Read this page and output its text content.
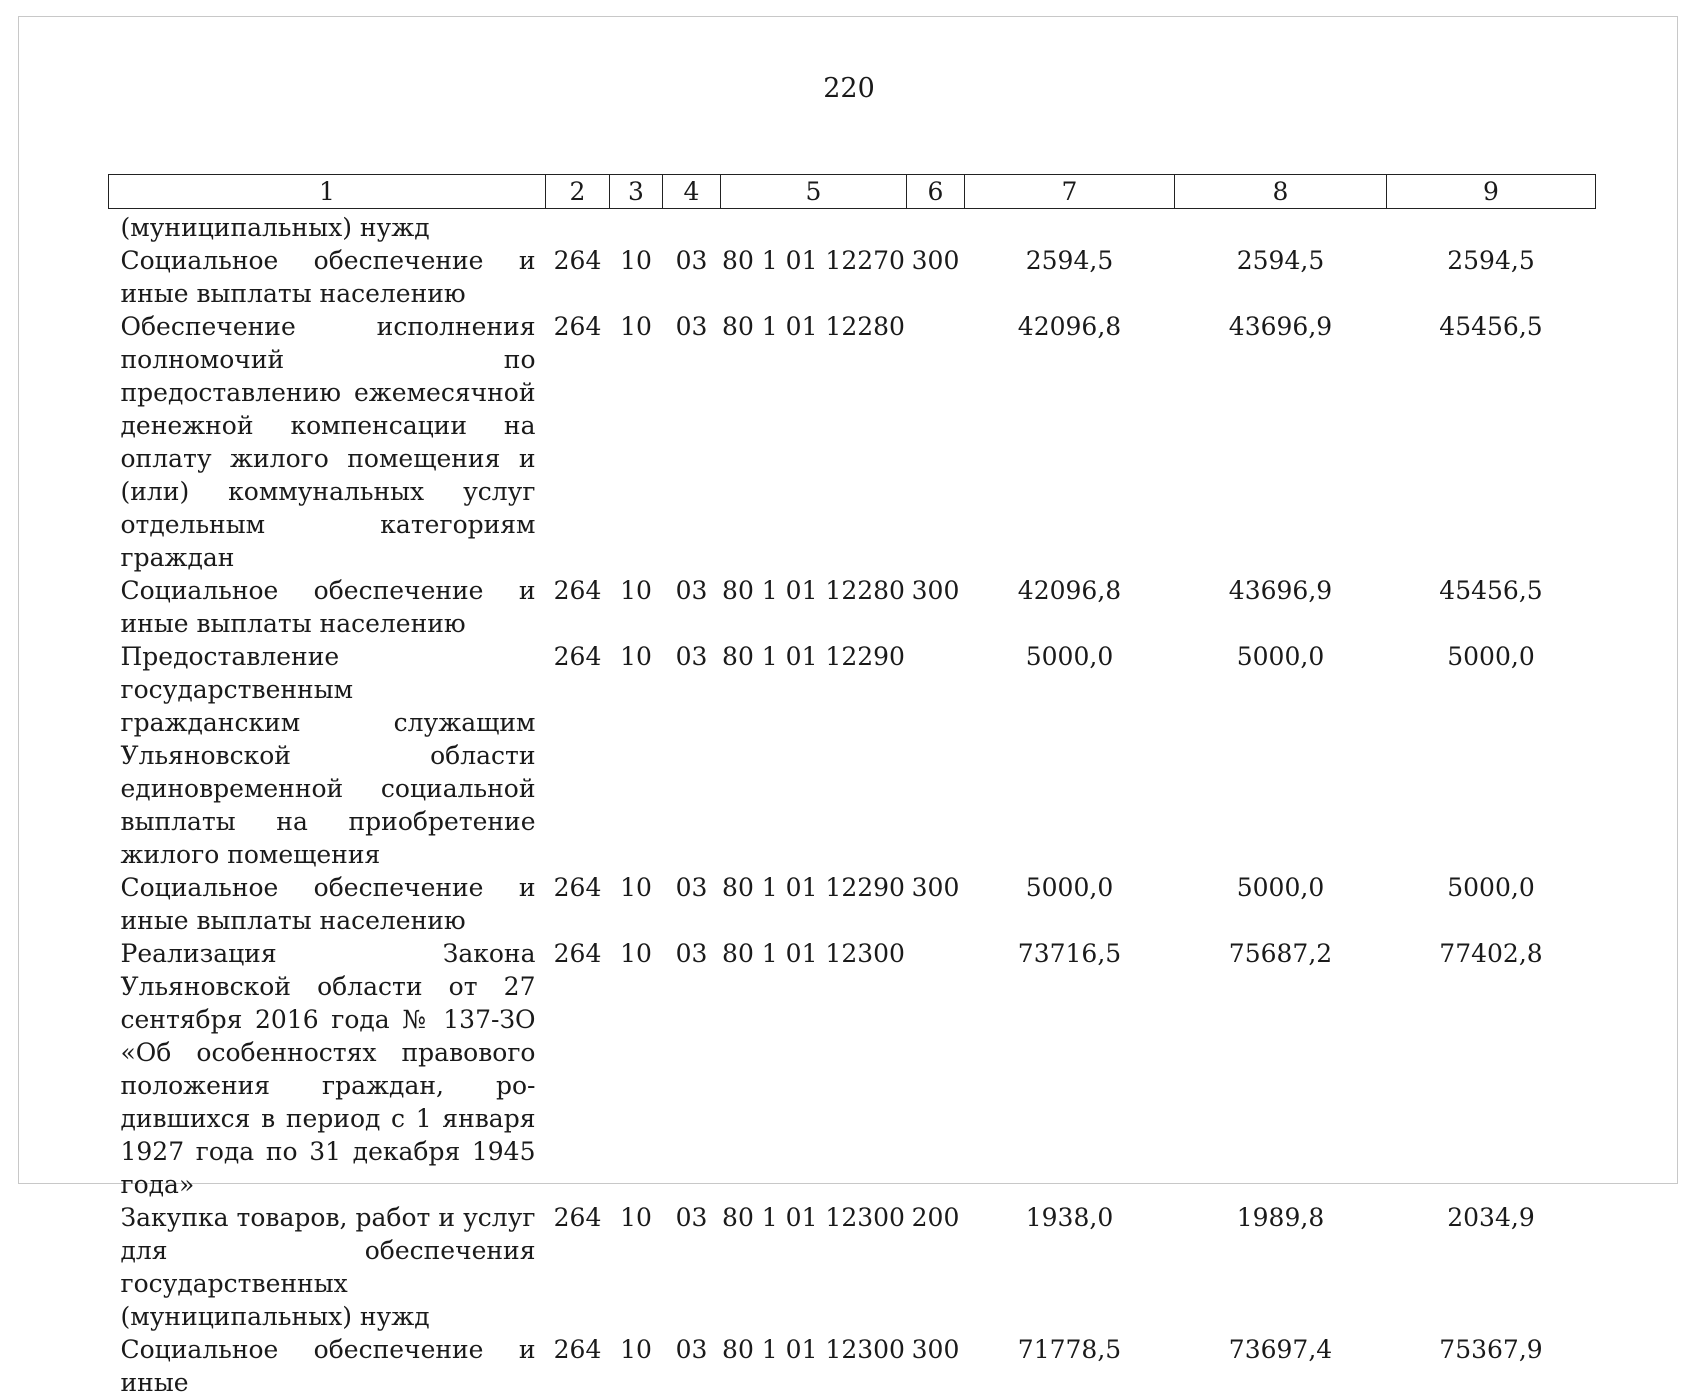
220
1	2	3	4	5	6	7	8	9
(муниципальных) нужд								
Социальное обеспечение и иные выплаты населению	264	10	03	80 1 01 12270	300	2594,5	2594,5	2594,5
Обеспечение исполнения полномочий по предоставлению ежемесячной денежной компенсации на оплату жилого помещения и (или) коммунальных услуг отдельным категориям граждан	264	10	03	80 1 01 12280		42096,8	43696,9	45456,5
Социальное обеспечение и иные выплаты населению	264	10	03	80 1 01 12280	300	42096,8	43696,9	45456,5
Предоставление государственным гражданским служащим Ульяновской области единовременной социальной выплаты на приобретение жилого помещения	264	10	03	80 1 01 12290		5000,0	5000,0	5000,0
Социальное обеспечение и иные выплаты населению	264	10	03	80 1 01 12290	300	5000,0	5000,0	5000,0
Реализация Закона Ульяновской области от 27 сентября 2016 года № 137-ЗО «Об особенностях правового положения граждан, родившихся в период с 1 января 1927 года по 31 декабря 1945 года»	264	10	03	80 1 01 12300		73716,5	75687,2	77402,8
Закупка товаров, работ и услуг для обеспечения государственных (муниципальных) нужд	264	10	03	80 1 01 12300	200	1938,0	1989,8	2034,9
Социальное обеспечение и иные	264	10	03	80 1 01 12300	300	71778,5	73697,4	75367,9
